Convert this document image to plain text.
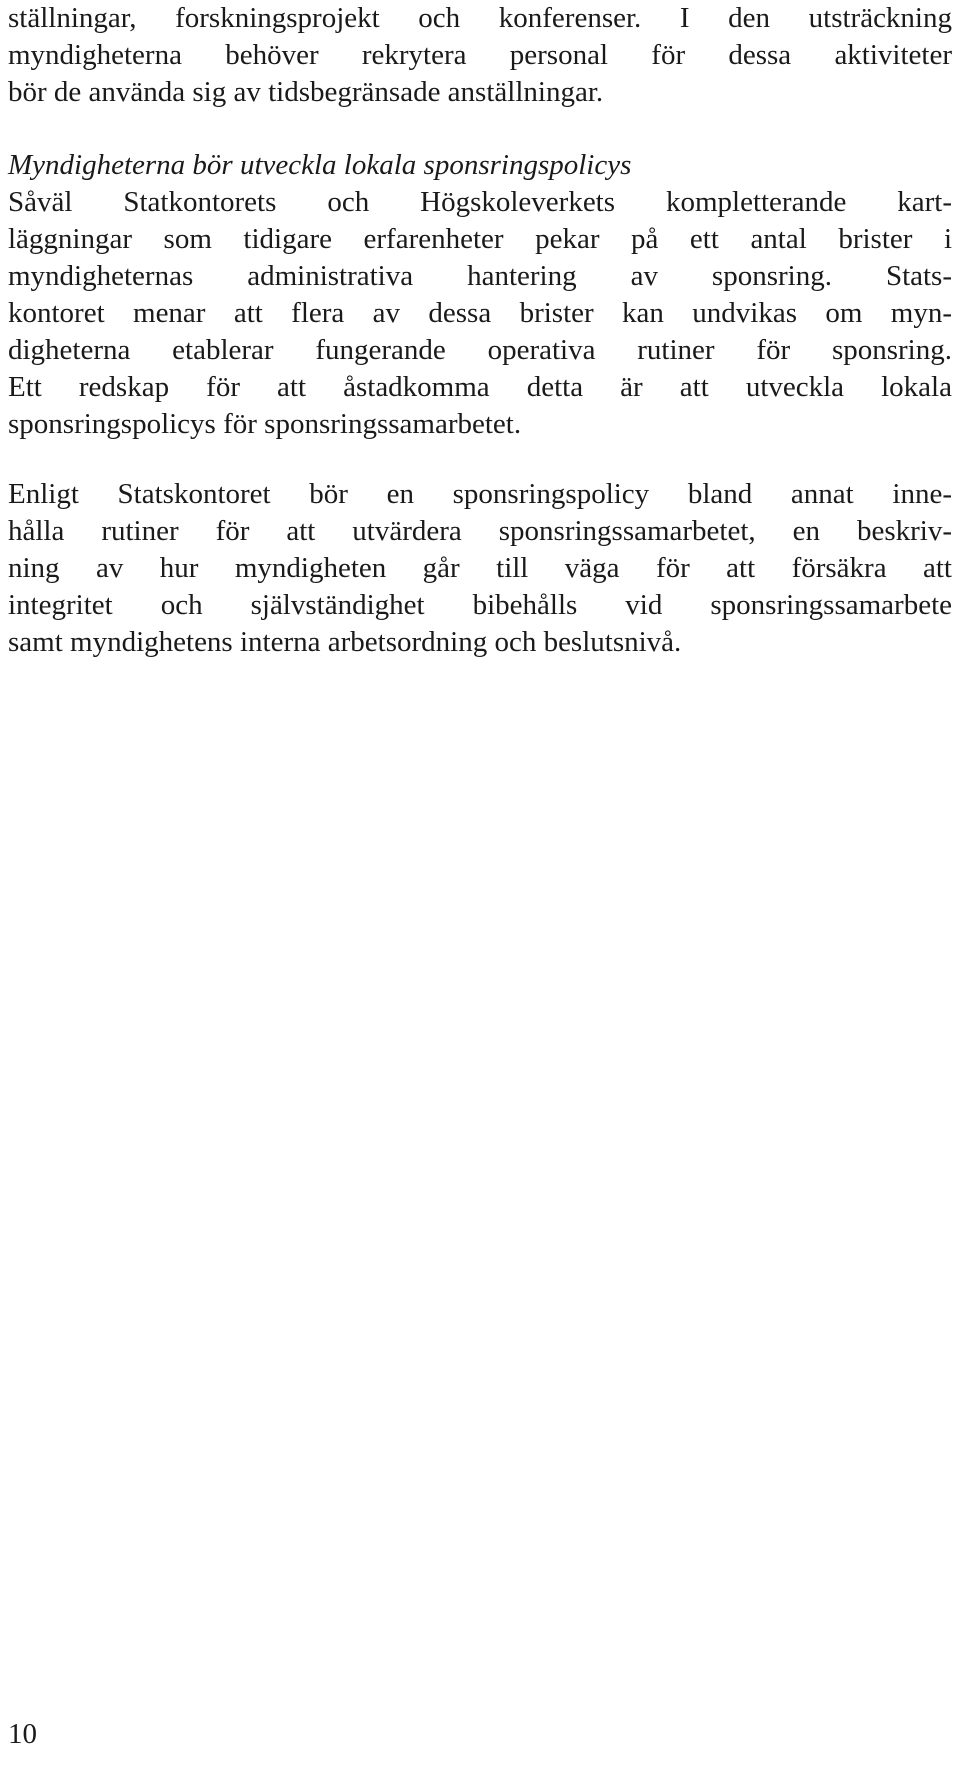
ställningar, forskningsprojekt och konferenser. I den utsträckning
myndigheterna behöver rekrytera personal för dessa aktiviteter
bör de använda sig av tidsbegränsade anställningar.
Myndigheterna bör utveckla lokala sponsringspolicys
Såväl Statkontorets och Högskoleverkets kompletterande kart-
läggningar som tidigare erfarenheter pekar på ett antal brister i
myndigheternas administrativa hantering av sponsring. Stats-
kontoret menar att flera av dessa brister kan undvikas om myn-
digheterna etablerar fungerande operativa rutiner för sponsring.
Ett redskap för att åstadkomma detta är att utveckla lokala
sponsringspolicys för sponsringssamarbetet.
Enligt Statskontoret bör en sponsringspolicy bland annat inne-
hålla rutiner för att utvärdera sponsringssamarbetet, en beskriv-
ning av hur myndigheten går till väga för att försäkra att
integritet och självständighet bibehålls vid sponsringssamarbete
samt myndighetens interna arbetsordning och beslutsnivå.
10
